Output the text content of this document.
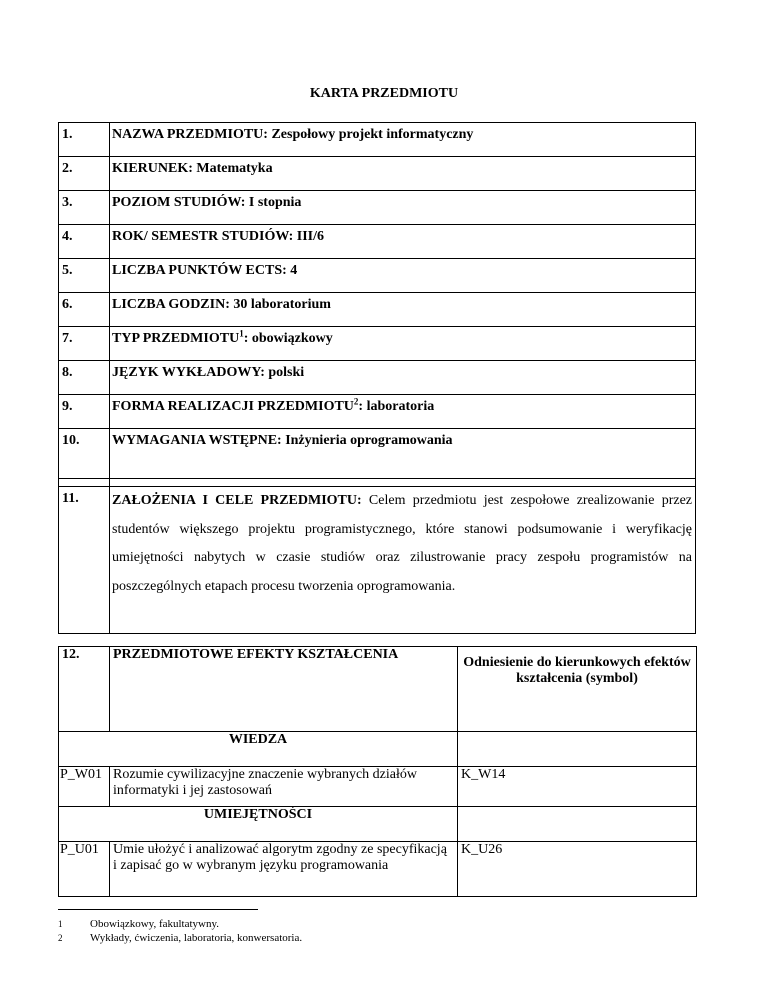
KARTA PRZEDMIOTU
1.	NAZWA PRZEDMIOTU: Zespołowy projekt informatyczny
2.	KIERUNEK: Matematyka
3.	POZIOM STUDIÓW: I stopnia
4.	ROK/ SEMESTR STUDIÓW: III/6
5.	LICZBA PUNKTÓW ECTS: 4
6.	LICZBA GODZIN: 30 laboratorium
7.	TYP PRZEDMIOTU$^1$: obowiązkowy
8.	JĘZYK WYKŁADOWY: polski
9.	FORMA REALIZACJI PRZEDMIOTU$^2$: laboratoria
10.	WYMAGANIA WSTĘPNE: Inżynieria oprogramowania

11.	ZAŁOŻENIA I CELE PRZEDMIOTU: Celem przedmiotu jest zespołowe zrealizowanie przez studentów większego projektu programistycznego, które stanowi podsumowanie i weryfikację umiejętności nabytych w czasie studiów oraz zilustrowanie pracy zespołu programistów na poszczególnych etapach procesu tworzenia oprogramowania.
12.	PRZEDMIOTOWE EFEKTY KSZTAŁCENIA	Odniesienie do kierunkowych efektów kształcenia (symbol)
WIEDZA		
P_W01	Rozumie cywilizacyjne znaczenie wybranych działów informatyki i jej zastosowań	K_W14
UMIEJĘTNOŚCI		
P_U01	Umie ułożyć i analizować algorytm zgodny ze specyfikacją i zapisać go w wybranym języku programowania	K_U26
1	Obowiązkowy, fakultatywny.
2	Wykłady, ćwiczenia, laboratoria, konwersatoria.
